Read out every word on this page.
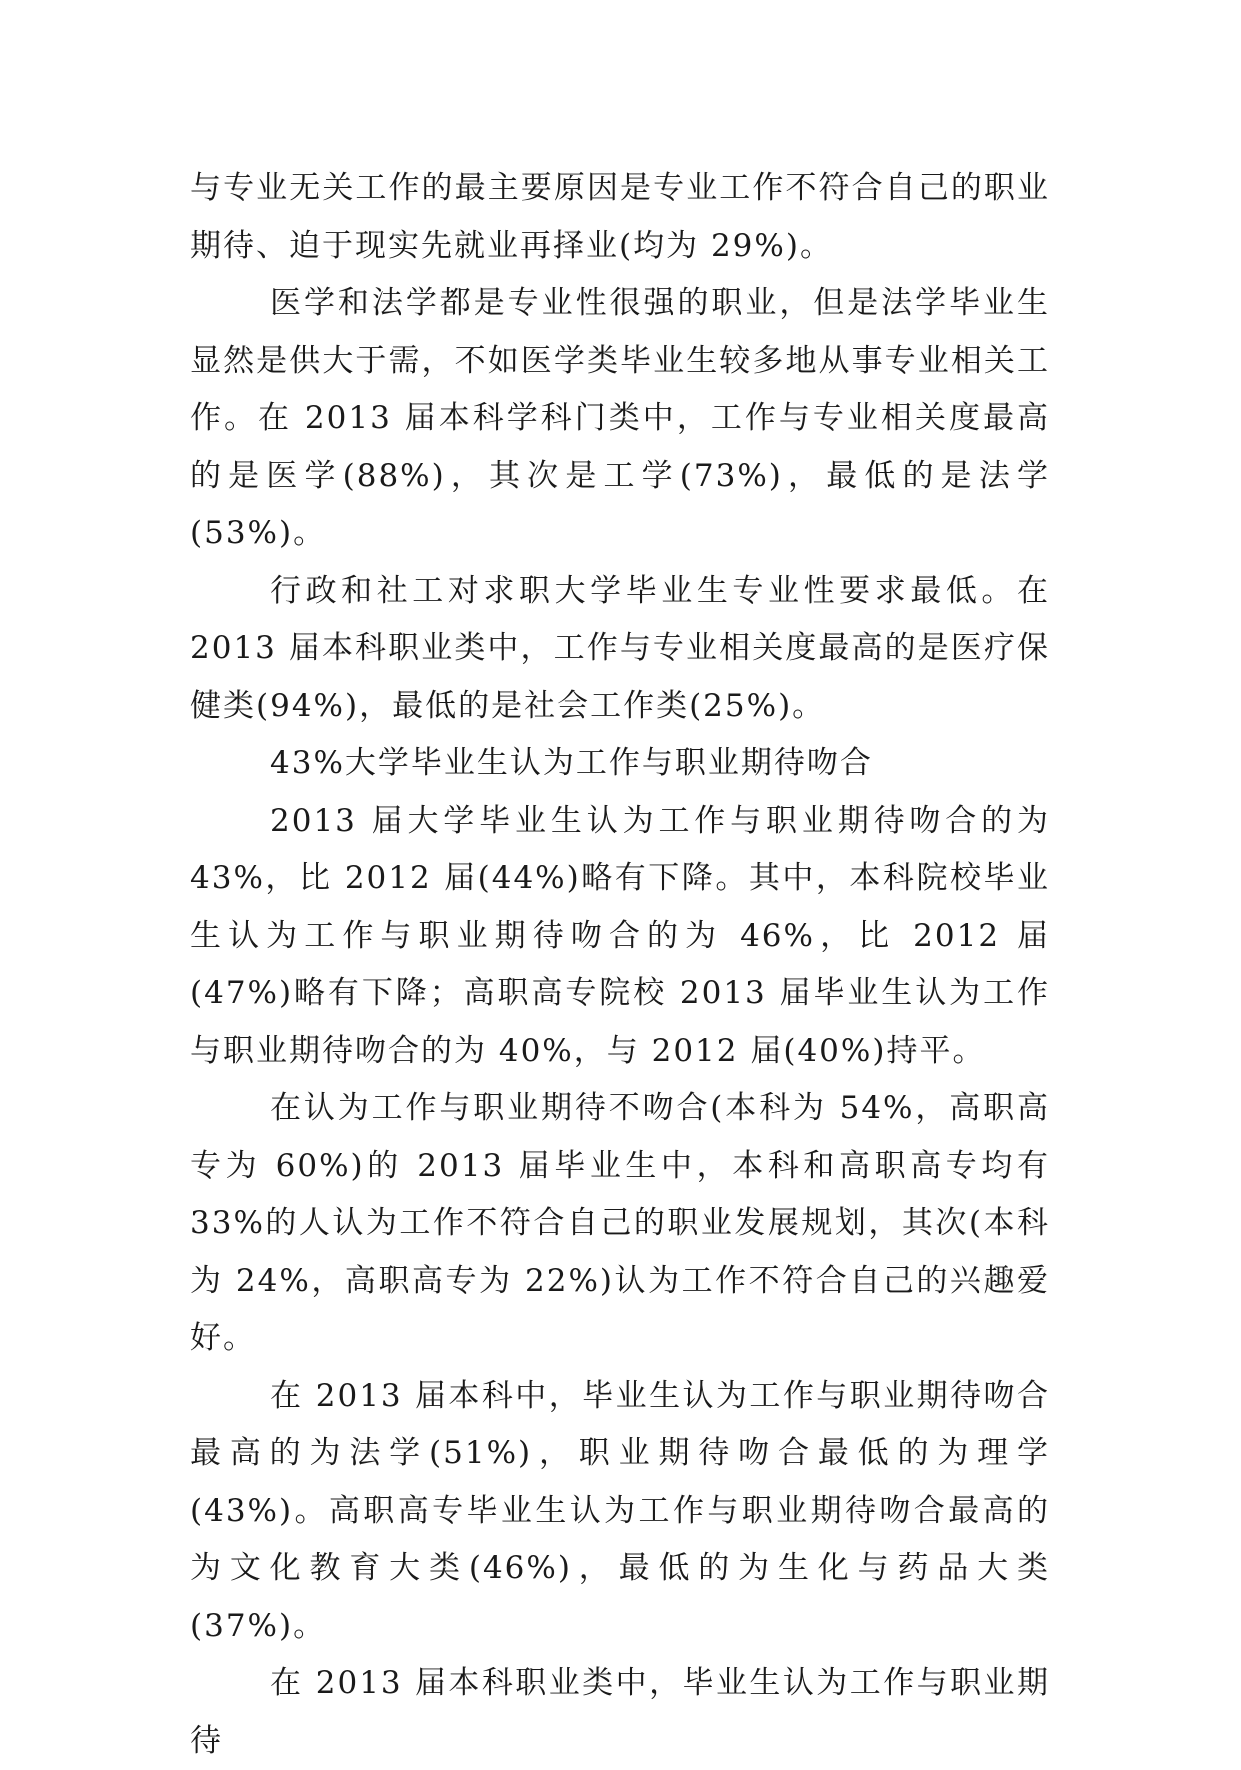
与专业无关工作的最主要原因是专业工作不符合自己的职业期待、迫于现实先就业再择业(均为 29%)。

医学和法学都是专业性很强的职业，但是法学毕业生显然是供大于需，不如医学类毕业生较多地从事专业相关工作。在 2013 届本科学科门类中，工作与专业相关度最高的是医学(88%)，其次是工学(73%)，最低的是法学(53%)。

行政和社工对求职大学毕业生专业性要求最低。在 2013 届本科职业类中，工作与专业相关度最高的是医疗保健类(94%)，最低的是社会工作类(25%)。

43%大学毕业生认为工作与职业期待吻合

2013 届大学毕业生认为工作与职业期待吻合的为 43%，比 2012 届(44%)略有下降。其中，本科院校毕业生认为工作与职业期待吻合的为 46%，比 2012 届(47%)略有下降；高职高专院校 2013 届毕业生认为工作与职业期待吻合的为 40%，与 2012 届(40%)持平。

在认为工作与职业期待不吻合(本科为 54%，高职高专为 60%)的 2013 届毕业生中，本科和高职高专均有 33%的人认为工作不符合自己的职业发展规划，其次(本科为 24%，高职高专为 22%)认为工作不符合自己的兴趣爱好。

在 2013 届本科中，毕业生认为工作与职业期待吻合最高的为法学(51%)，职业期待吻合最低的为理学(43%)。高职高专毕业生认为工作与职业期待吻合最高的为文化教育大类(46%)，最低的为生化与药品大类(37%)。

在 2013 届本科职业类中，毕业生认为工作与职业期待
